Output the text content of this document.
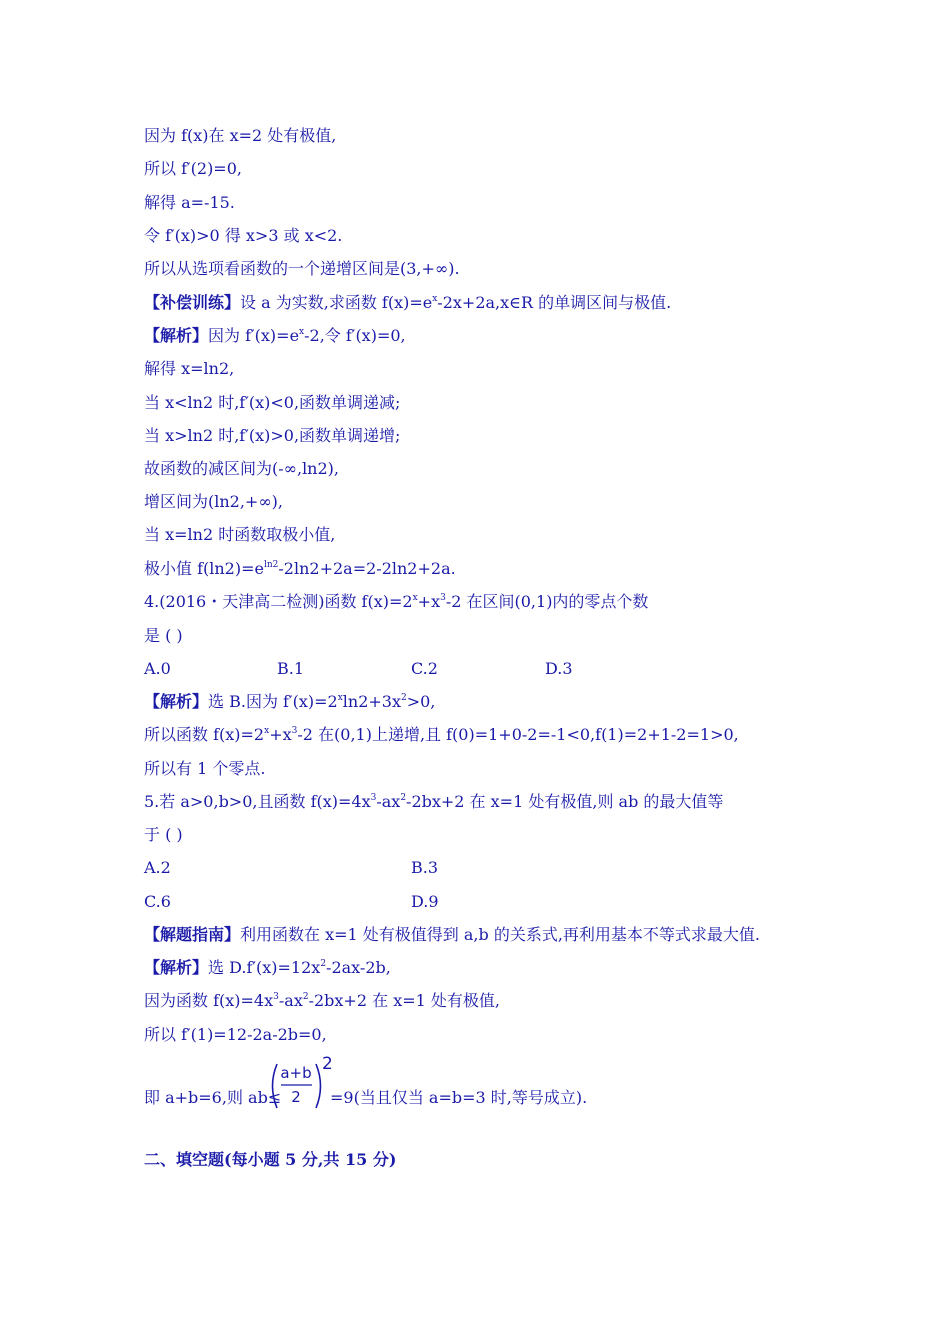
因为 f(x)在 x=2 处有极值,
所以 f′(2)=0,
解得 a=-15.
令 f′(x)>0 得 x>3 或 x<2.
所以从选项看函数的一个递增区间是(3,+∞).
【补偿训练】设 a 为实数,求函数 $f(x)=e^x-2x+2a,x\in R$ 的单调区间与极值.
【解析】因为 $f'(x)=e^x-2$,令 f′(x)=0,
解得 x=ln2,
当 x<ln2 时,f′(x)<0,函数单调递减;
当 x>ln2 时,f′(x)>0,函数单调递增;
故函数的减区间为(-∞,ln2),
增区间为(ln2,+∞),
当 x=ln2 时函数取极小值,
极小值 $f(\ln 2)=e^{ln2}-2\ln 2+2a=2-2\ln 2+2a$.
4.(2016・天津高二检测)函数 $f(x)=2^x+x^3-2$ 在区间(0,1)内的零点个数
是 ( )
A.0	B.1	C.2	D.3
【解析】选 B.因为 $f'(x)=2^x\ln 2+3x^2>0$,
所以函数 $f(x)=2^x+x^3-2$ 在(0,1)上递增,且 f(0)=1+0-2=-1<0,f(1)=2+1-2=1>0,
所以有 1 个零点.
5.若 a>0,b>0,且函数 $f(x)=4x^3-ax^2-2bx+2$ 在 x=1 处有极值,则 ab 的最大值等
于 ( )
A.2	B.3
C.6	D.9
【解题指南】利用函数在 x=1 处有极值得到 a,b 的关系式,再利用基本不等式求最大值.
【解析】选 $D.f'(x)=12x^2-2ax-2b$,
因为函数 $f(x)=4x^3-ax^2-2bx+2$ 在 x=1 处有极值,
所以 f′(1)=12-2a-2b=0,
即 a+b=6,则 ab≤
a+b
2
2
=9(当且仅当 a=b=3 时,等号成立).
二、填空题(每小题 5 分,共 15 分)
